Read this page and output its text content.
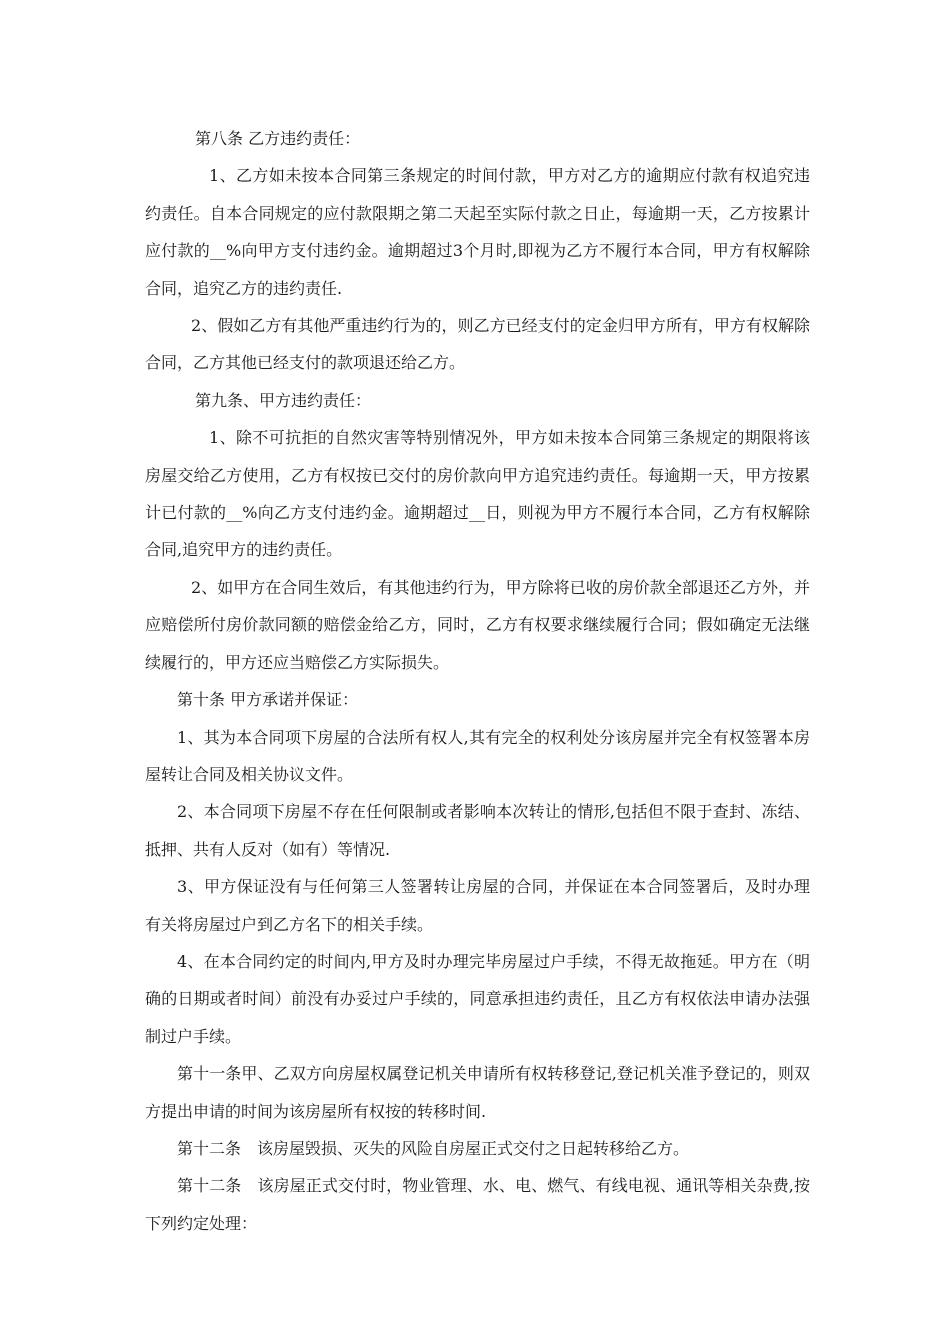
第八条 乙方违约责任：

1、乙方如未按本合同第三条规定的时间付款，甲方对乙方的逾期应付款有权追究违约责任。自本合同规定的应付款限期之第二天起至实际付款之日止，每逾期一天，乙方按累计应付款的__%向甲方支付违约金。逾期超过3个月时,即视为乙方不履行本合同，甲方有权解除合同，追究乙方的违约责任.

2、假如乙方有其他严重违约行为的，则乙方已经支付的定金归甲方所有，甲方有权解除合同，乙方其他已经支付的款项退还给乙方。

第九条、甲方违约责任：

1、除不可抗拒的自然灾害等特别情况外，甲方如未按本合同第三条规定的期限将该房屋交给乙方使用，乙方有权按已交付的房价款向甲方追究违约责任。每逾期一天，甲方按累计已付款的__%向乙方支付违约金。逾期超过__日，则视为甲方不履行本合同，乙方有权解除合同,追究甲方的违约责任。

2、如甲方在合同生效后，有其他违约行为，甲方除将已收的房价款全部退还乙方外，并应赔偿所付房价款同额的赔偿金给乙方，同时，乙方有权要求继续履行合同；假如确定无法继续履行的，甲方还应当赔偿乙方实际损失。

第十条 甲方承诺并保证：

1、其为本合同项下房屋的合法所有权人,其有完全的权利处分该房屋并完全有权签署本房屋转让合同及相关协议文件。

2、本合同项下房屋不存在任何限制或者影响本次转让的情形,包括但不限于查封、冻结、抵押、共有人反对（如有）等情况.

3、甲方保证没有与任何第三人签署转让房屋的合同，并保证在本合同签署后，及时办理有关将房屋过户到乙方名下的相关手续。

4、在本合同约定的时间内,甲方及时办理完毕房屋过户手续，不得无故拖延。甲方在（明确的日期或者时间）前没有办妥过户手续的，同意承担违约责任，且乙方有权依法申请办法强制过户手续。

第十一条甲、乙双方向房屋权属登记机关申请所有权转移登记,登记机关准予登记的，则双方提出申请的时间为该房屋所有权按的转移时间.

第十二条　该房屋毁损、灭失的风险自房屋正式交付之日起转移给乙方。

第十二条　该房屋正式交付时，物业管理、水、电、燃气、有线电视、通讯等相关杂费,按下列约定处理：
